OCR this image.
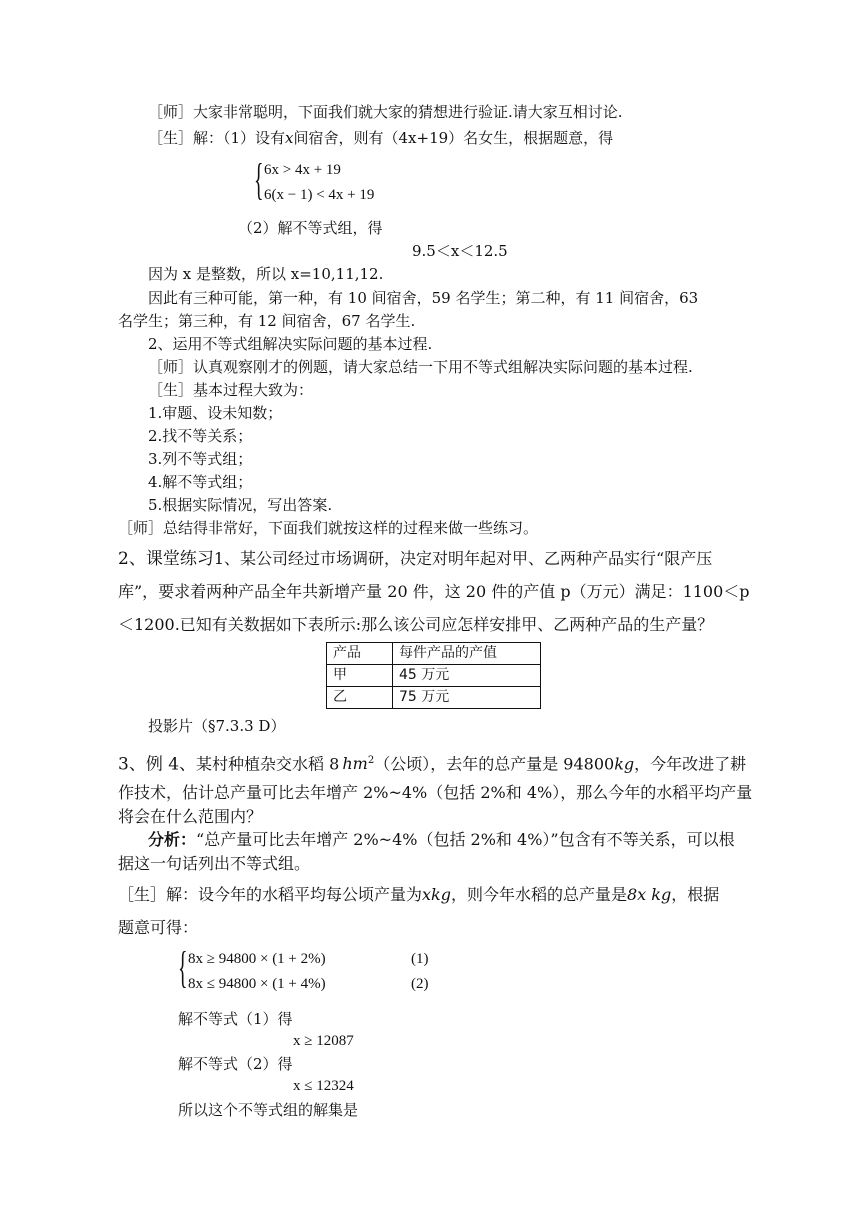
［师］大家非常聪明，下面我们就大家的猜想进行验证.请大家互相讨论.
［生］解：（1）设有x间宿舍，则有（4x+19）名女生，根据题意，得
{ 6x > 4x + 19
6(x − 1) < 4x + 19
（2）解不等式组，得
9.5＜x＜12.5
因为 x 是整数，所以 x=10,11,12.
因此有三种可能，第一种，有 10 间宿舍，59 名学生；第二种，有 11 间宿舍，63
名学生；第三种，有 12 间宿舍，67 名学生.
2、运用不等式组解决实际问题的基本过程.
［师］认真观察刚才的例题，请大家总结一下用不等式组解决实际问题的基本过程.
［生］基本过程大致为：
1.审题、设未知数；
2.找不等关系；
3.列不等式组；
4.解不等式组；
5.根据实际情况，写出答案.
［师］总结得非常好，下面我们就按这样的过程来做一些练习。
2、课堂练习1、某公司经过市场调研，决定对明年起对甲、乙两种产品实行“限产压
库”，要求着两种产品全年共新增产量 20 件，这 20 件的产值 p（万元）满足：1100＜p
＜1200.已知有关数据如下表所示:那么该公司应怎样安排甲、乙两种产品的生产量？
产品	每件产品的产值
甲	45 万元
乙	75 万元
投影片（§7.3.3 D）
3、例 4、某村种植杂交水稻 8 $hm^2$（公顷），去年的总产量是 94800kg，今年改进了耕
作技术，估计总产量可比去年增产 2%~4%（包括 2%和 4%），那么今年的水稻平均产量
将会在什么范围内？
分析：“总产量可比去年增产 2%~4%（包括 2%和 4%）”包含有不等关系，可以根
据这一句话列出不等式组。
［生］解：设今年的水稻平均每公顷产量为xkg，则今年水稻的总产量是8x kg，根据
题意可得：
{ 8x ≥ 94800 × (1 + 2%)	(1)
8x ≤ 94800 × (1 + 4%)	(2)
解不等式（1）得
x ≥ 12087
解不等式（2）得
x ≤ 12324
所以这个不等式组的解集是
